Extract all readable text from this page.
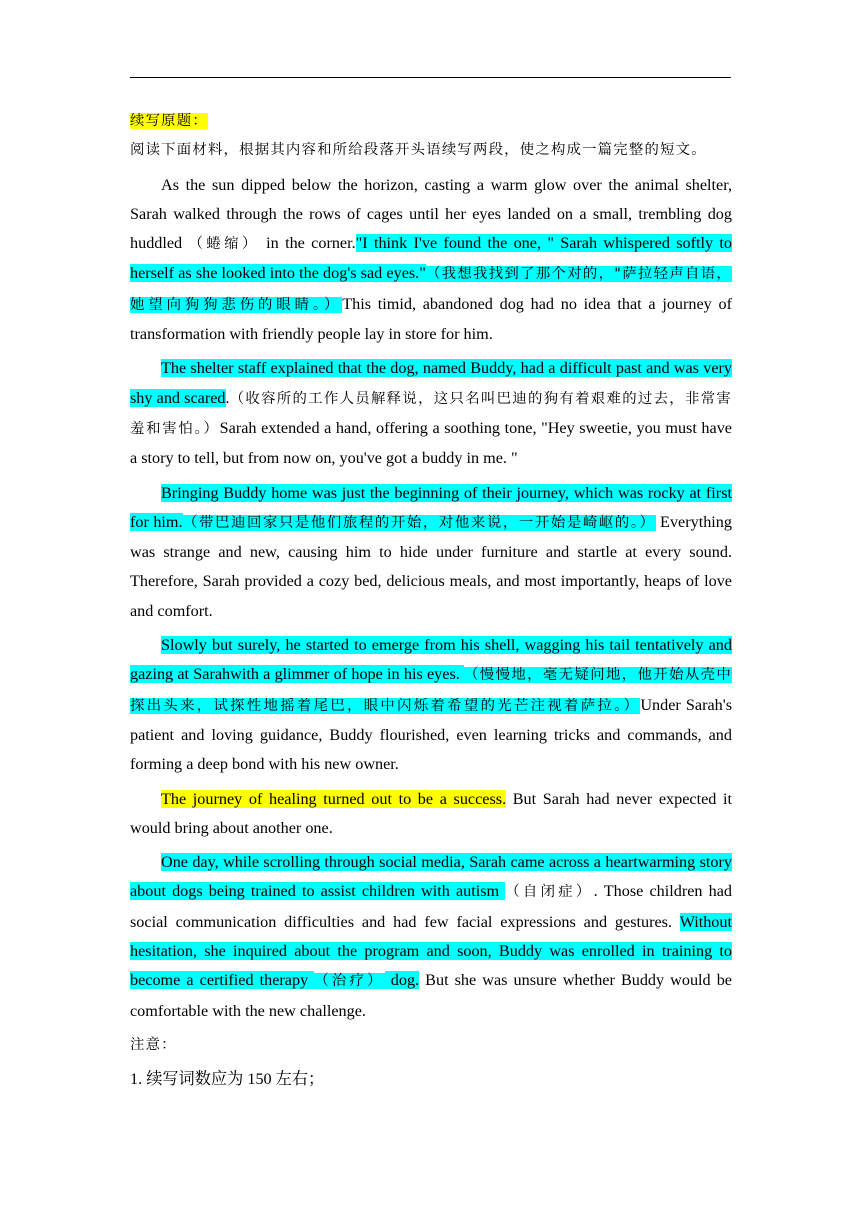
续写原题：

阅读下面材料，根据其内容和所给段落开头语续写两段，使之构成一篇完整的短文。

As the sun dipped below the horizon, casting a warm glow over the animal shelter, Sarah walked through the rows of cages until her eyes landed on a small, trembling dog huddled （蜷缩） in the corner."I think I've found the one, " Sarah whispered softly to herself as she looked into the dog's sad eyes."（我想我找到了那个对的，"萨拉轻声自语，她望向狗狗悲伤的眼睛。）This timid, abandoned dog had no idea that a journey of transformation with friendly people lay in store for him.

The shelter staff explained that the dog, named Buddy, had a difficult past and was very shy and scared.（收容所的工作人员解释说，这只名叫巴迪的狗有着艰难的过去，非常害羞和害怕。）Sarah extended a hand, offering a soothing tone, "Hey sweetie, you must have a story to tell, but from now on, you've got a buddy in me. "

Bringing Buddy home was just the beginning of their journey, which was rocky at first for him.（带巴迪回家只是他们旅程的开始，对他来说，一开始是崎岖的。） Everything was strange and new, causing him to hide under furniture and startle at every sound. Therefore, Sarah provided a cozy bed, delicious meals, and most importantly, heaps of love and comfort.

Slowly but surely, he started to emerge from his shell, wagging his tail tentatively and gazing at Sarahwith a glimmer of hope in his eyes. （慢慢地，毫无疑问地，他开始从壳中探出头来，试探性地摇着尾巴，眼中闪烁着希望的光芒注视着萨拉。）Under Sarah's patient and loving guidance, Buddy flourished, even learning tricks and commands, and forming a deep bond with his new owner.

The journey of healing turned out to be a success. But Sarah had never expected it would bring about another one.

One day, while scrolling through social media, Sarah came across a heartwarming story about dogs being trained to assist children with autism （自闭症）. Those children had social communication difficulties and had few facial expressions and gestures. Without hesitation, she inquired about the program and soon, Buddy was enrolled in training to become a certified therapy （治疗） dog. But she was unsure whether Buddy would be comfortable with the new challenge.

注意：

1. 续写词数应为 150 左右；
